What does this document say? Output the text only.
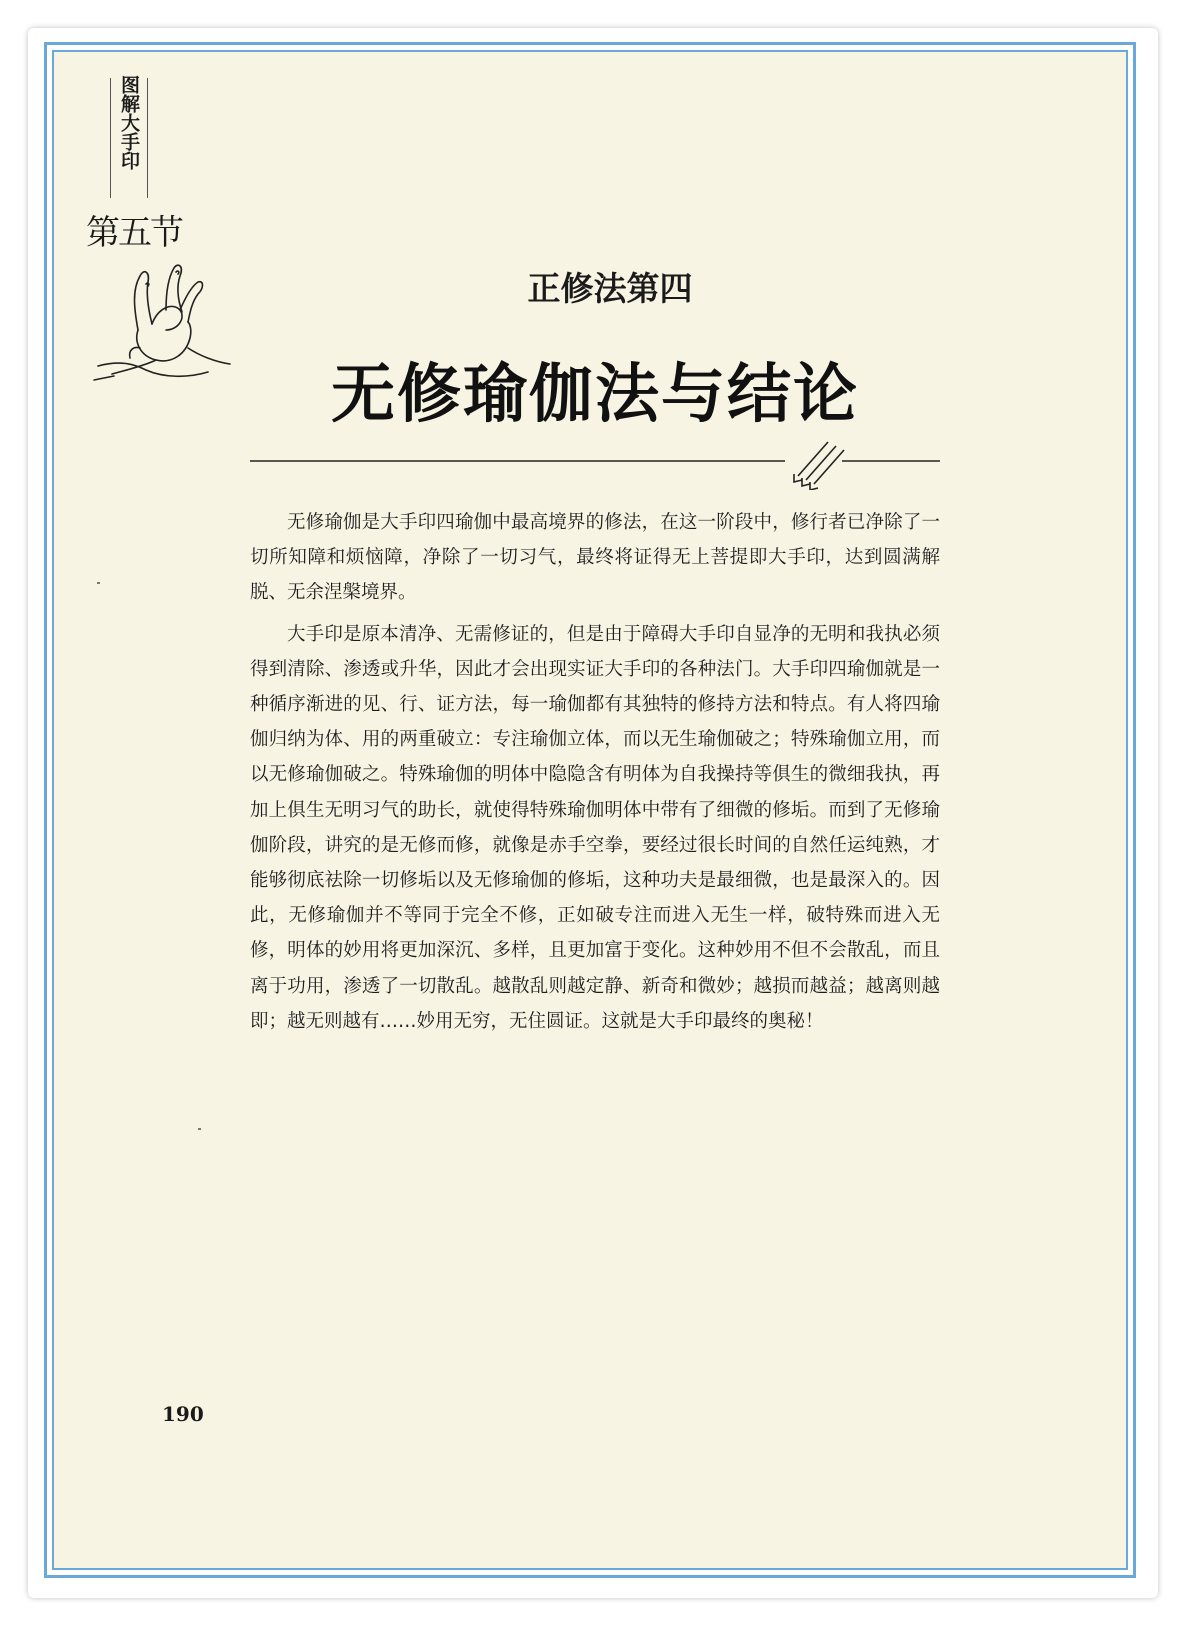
图解大手印
第五节
正修法第四
无修瑜伽法与结论

无修瑜伽是大手印四瑜伽中最高境界的修法，在这一阶段中，修行者已净除了一切所知障和烦恼障，净除了一切习气，最终将证得无上菩提即大手印，达到圆满解脱、无余涅槃境界。

大手印是原本清净、无需修证的，但是由于障碍大手印自显净的无明和我执必须得到清除、渗透或升华，因此才会出现实证大手印的各种法门。大手印四瑜伽就是一种循序渐进的见、行、证方法，每一瑜伽都有其独特的修持方法和特点。有人将四瑜伽归纳为体、用的两重破立：专注瑜伽立体，而以无生瑜伽破之；特殊瑜伽立用，而以无修瑜伽破之。特殊瑜伽的明体中隐隐含有明体为自我操持等俱生的微细我执，再加上俱生无明习气的助长，就使得特殊瑜伽明体中带有了细微的修垢。而到了无修瑜伽阶段，讲究的是无修而修，就像是赤手空拳，要经过很长时间的自然任运纯熟，才能够彻底祛除一切修垢以及无修瑜伽的修垢，这种功夫是最细微，也是最深入的。因此，无修瑜伽并不等同于完全不修，正如破专注而进入无生一样，破特殊而进入无修，明体的妙用将更加深沉、多样，且更加富于变化。这种妙用不但不会散乱，而且离于功用，渗透了一切散乱。越散乱则越定静、新奇和微妙；越损而越益；越离则越即；越无则越有……妙用无穷，无住圆证。这就是大手印最终的奥秘！

190
